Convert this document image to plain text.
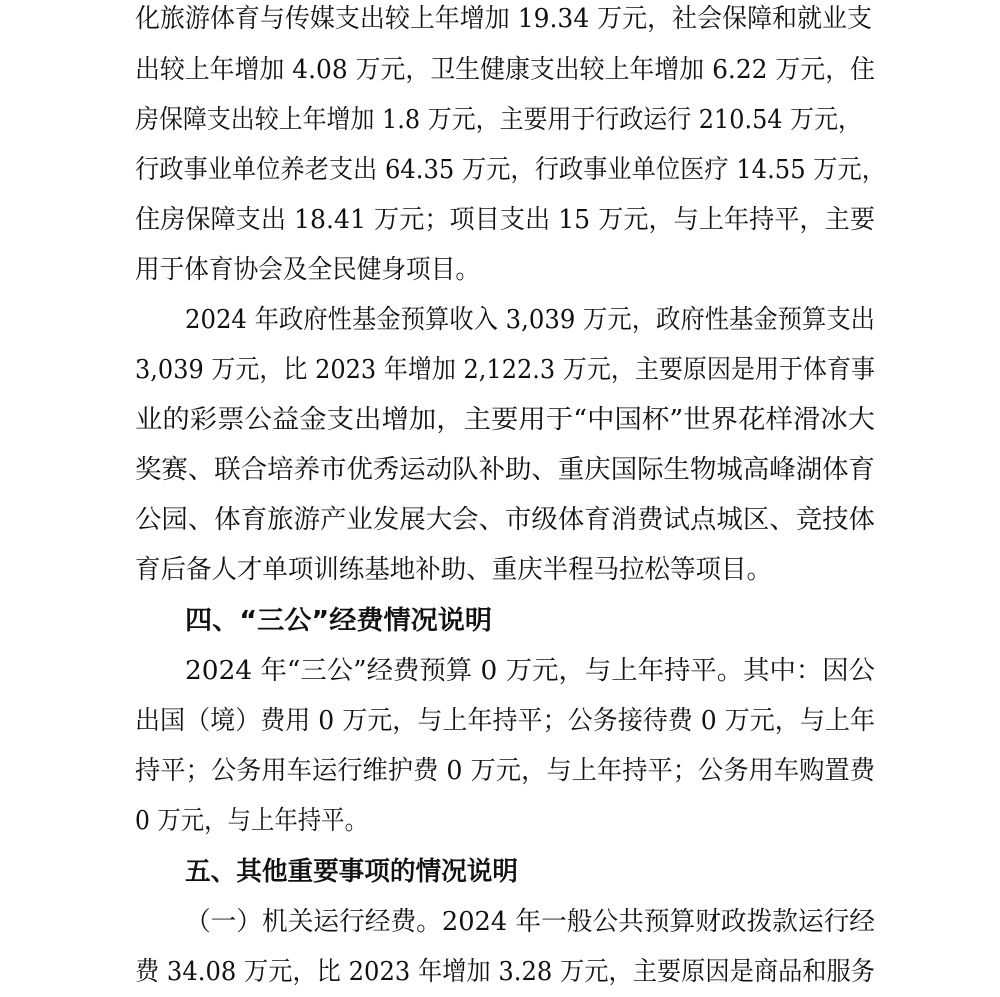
化旅游体育与传媒支出较上年增加 19.34 万元，社会保障和就业支
出较上年增加 4.08 万元，卫生健康支出较上年增加 6.22 万元，住
房保障支出较上年增加 1.8 万元，主要用于行政运行 210.54 万元，
行政事业单位养老支出 64.35 万元，行政事业单位医疗 14.55 万元，
住房保障支出 18.41 万元；项目支出 15 万元，与上年持平，主要
用于体育协会及全民健身项目。
2024 年政府性基金预算收入 3,039 万元，政府性基金预算支出
3,039 万元，比 2023 年增加 2,122.3 万元，主要原因是用于体育事
业的彩票公益金支出增加，主要用于“中国杯”世界花样滑冰大
奖赛、联合培养市优秀运动队补助、重庆国际生物城高峰湖体育
公园、体育旅游产业发展大会、市级体育消费试点城区、竞技体
育后备人才单项训练基地补助、重庆半程马拉松等项目。
四、“三公”经费情况说明
2024 年“三公”经费预算 0 万元，与上年持平。其中：因公
出国（境）费用 0 万元，与上年持平；公务接待费 0 万元，与上年
持平；公务用车运行维护费 0 万元，与上年持平；公务用车购置费
0 万元，与上年持平。
五、其他重要事项的情况说明
（一）机关运行经费。2024 年一般公共预算财政拨款运行经
费 34.08 万元，比 2023 年增加 3.28 万元，主要原因是商品和服务
